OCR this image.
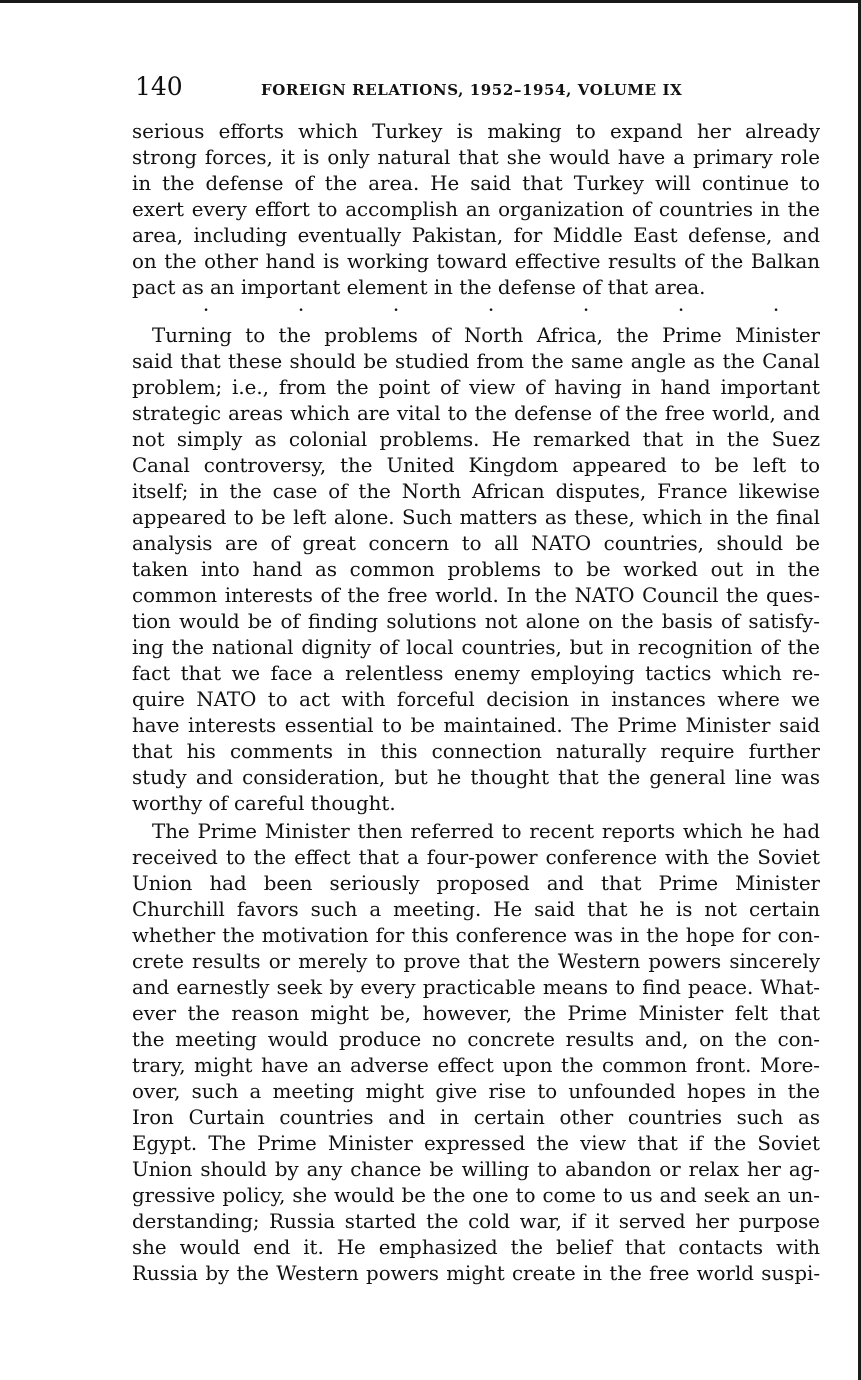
140	FOREIGN RELATIONS, 1952–1954, VOLUME IX
serious efforts which Turkey is making to expand her already
strong forces, it is only natural that she would have a primary role
in the defense of the area. He said that Turkey will continue to
exert every effort to accomplish an organization of countries in the
area, including eventually Pakistan, for Middle East defense, and
on the other hand is working toward effective results of the Balkan
pact as an important element in the defense of that area.
.	.	.	.	.	.	.
Turning to the problems of North Africa, the Prime Minister
said that these should be studied from the same angle as the Canal
problem; i.e., from the point of view of having in hand important
strategic areas which are vital to the defense of the free world, and
not simply as colonial problems. He remarked that in the Suez
Canal controversy, the United Kingdom appeared to be left to
itself; in the case of the North African disputes, France likewise
appeared to be left alone. Such matters as these, which in the final
analysis are of great concern to all NATO countries, should be
taken into hand as common problems to be worked out in the
common interests of the free world. In the NATO Council the ques-
tion would be of finding solutions not alone on the basis of satisfy-
ing the national dignity of local countries, but in recognition of the
fact that we face a relentless enemy employing tactics which re-
quire NATO to act with forceful decision in instances where we
have interests essential to be maintained. The Prime Minister said
that his comments in this connection naturally require further
study and consideration, but he thought that the general line was
worthy of careful thought.
The Prime Minister then referred to recent reports which he had
received to the effect that a four-power conference with the Soviet
Union had been seriously proposed and that Prime Minister
Churchill favors such a meeting. He said that he is not certain
whether the motivation for this conference was in the hope for con-
crete results or merely to prove that the Western powers sincerely
and earnestly seek by every practicable means to find peace. What-
ever the reason might be, however, the Prime Minister felt that
the meeting would produce no concrete results and, on the con-
trary, might have an adverse effect upon the common front. More-
over, such a meeting might give rise to unfounded hopes in the
Iron Curtain countries and in certain other countries such as
Egypt. The Prime Minister expressed the view that if the Soviet
Union should by any chance be willing to abandon or relax her ag-
gressive policy, she would be the one to come to us and seek an un-
derstanding; Russia started the cold war, if it served her purpose
she would end it. He emphasized the belief that contacts with
Russia by the Western powers might create in the free world suspi-
